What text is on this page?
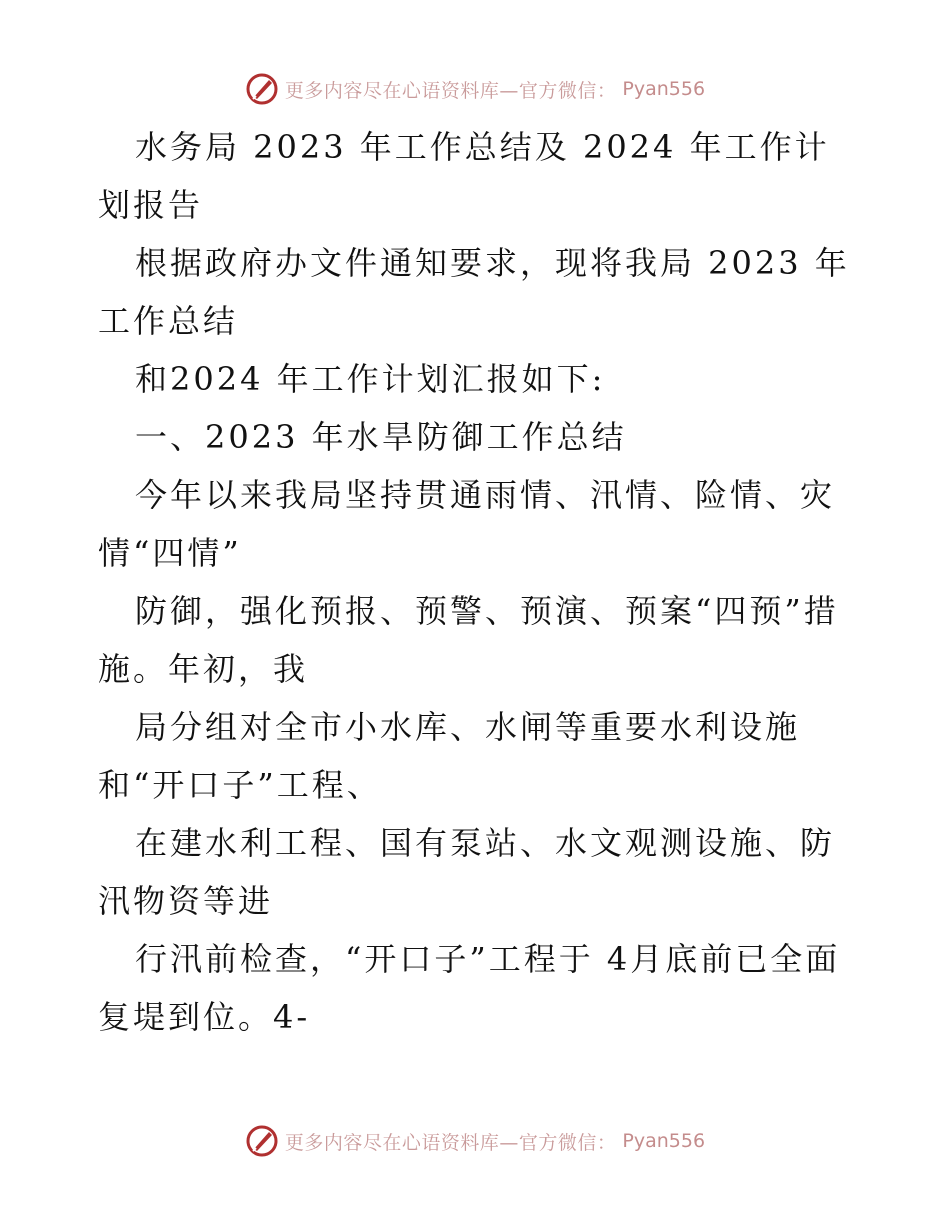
更多内容尽在心语资料库—官方微信： Pyan556

水务局 2023 年工作总结及 2024 年工作计划报告

根据政府办文件通知要求，现将我局 2023 年工作总结

和2024 年工作计划汇报如下:

一、2023 年水旱防御工作总结

今年以来我局坚持贯通雨情、汛情、险情、灾情“四情”

防御，强化预报、预警、预演、预案“四预”措施。年初，我

局分组对全市小水库、水闸等重要水利设施和“开口子”工程、

在建水利工程、国有泵站、水文观测设施、防汛物资等进

行汛前检查，“开口子”工程于 4月底前已全面复堤到位。4-

更多内容尽在心语资料库—官方微信： Pyan556
